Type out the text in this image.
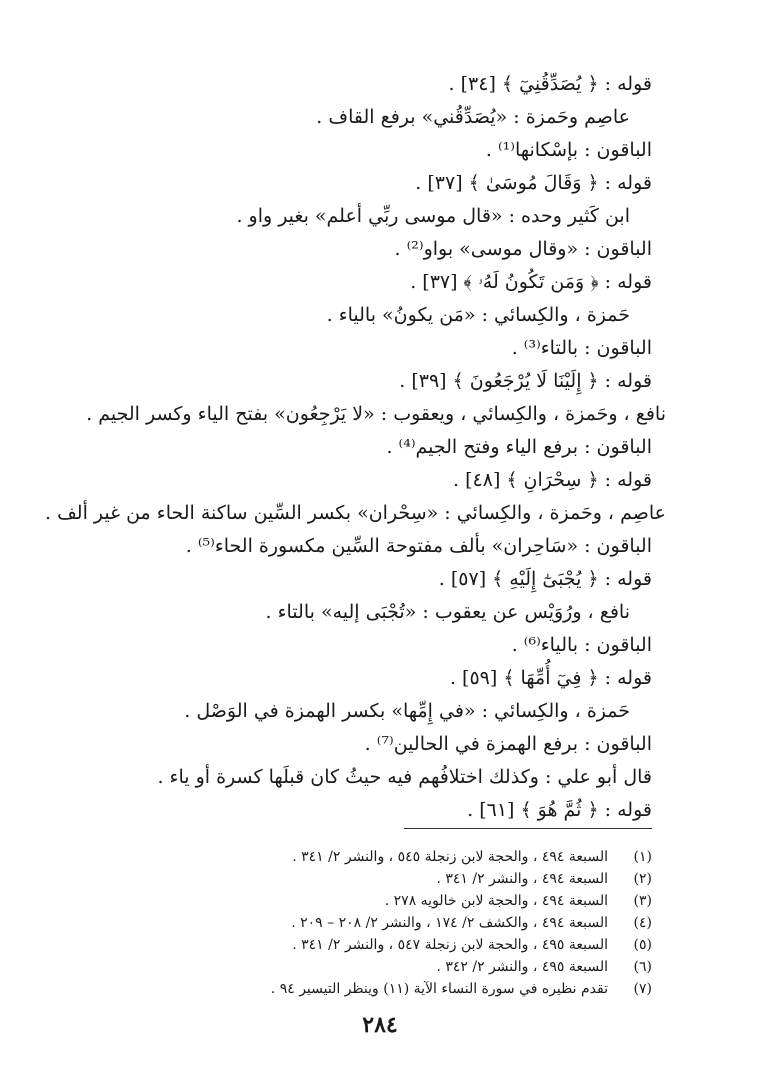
قوله : ﴿ يُصَدِّقُنِيٓ ﴾ [٣٤] .
عاصِم وحَمزة : «يُصَدِّقُني» برفع القاف .
الباقون : بإسْكانها⁽¹⁾ .
قوله : ﴿ وَقَالَ مُوسَىٰ ﴾ [٣٧] .
ابن كَثير وحده : «قال موسى ربِّي أعلم» بغير واو .
الباقون : «وقال موسى» بواو⁽²⁾ .
قوله : ﴿ وَمَن تَكُونُ لَهُۥ ﴾ [٣٧] .
حَمزة ، والكِسائي : «مَن يكونُ» بالياء .
الباقون : بالتاء⁽³⁾ .
قوله : ﴿ إِلَيْنَا لَا يُرْجَعُونَ ﴾ [٣٩] .
نافع ، وحَمزة ، والكِسائي ، ويعقوب : «لا يَرْجِعُون» بفتح الياء وكسر الجيم .
الباقون : برفع الياء وفتح الجيم⁽⁴⁾ .
قوله : ﴿ سِحْرَانِ ﴾ [٤٨] .
عاصِم ، وحَمزة ، والكِسائي : «سِحْران» بكسر السِّين ساكنة الحاء من غير ألف .
الباقون : «سَاحِران» بألف مفتوحة السِّين مكسورة الحاء⁽⁵⁾ .
قوله : ﴿ يُجْبَىٰٓ إِلَيْهِ ﴾ [٥٧] .
نافع ، ورُوَيْس عن يعقوب : «تُجْبَى إليه» بالتاء .
الباقون : بالياء⁽⁶⁾ .
قوله : ﴿ فِيٓ أُمِّهَا ﴾ [٥٩] .
حَمزة ، والكِسائي : «في إِمِّها» بكسر الهمزة في الوَصْل .
الباقون : برفع الهمزة في الحالين⁽⁷⁾ .
قال أبو علي : وكذلك اختلافُهم فيه حيثُ كان قبلَها كسرة أو ياء .
قوله : ﴿ ثُمَّ هُوَ ﴾ [٦١] .
(١)
السبعة ٤٩٤ ، والحجة لابن زنجلة ٥٤٥ ، والنشر ٢/ ٣٤١ .
(٢)
السبعة ٤٩٤ ، والنشر ٢/ ٣٤١ .
(٣)
السبعة ٤٩٤ ، والحجة لابن خالويه ٢٧٨ .
(٤)
السبعة ٤٩٤ ، والكشف ٢/ ١٧٤ ، والنشر ٢/ ٢٠٨ – ٢٠٩ .
(٥)
السبعة ٤٩٥ ، والحجة لابن زنجلة ٥٤٧ ، والنشر ٢/ ٣٤١ .
(٦)
السبعة ٤٩٥ ، والنشر ٢/ ٣٤٢ .
(٧)
تقدم نظيره في سورة النساء الآية (١١) وينظر التيسير ٩٤ .
٢٨٤
